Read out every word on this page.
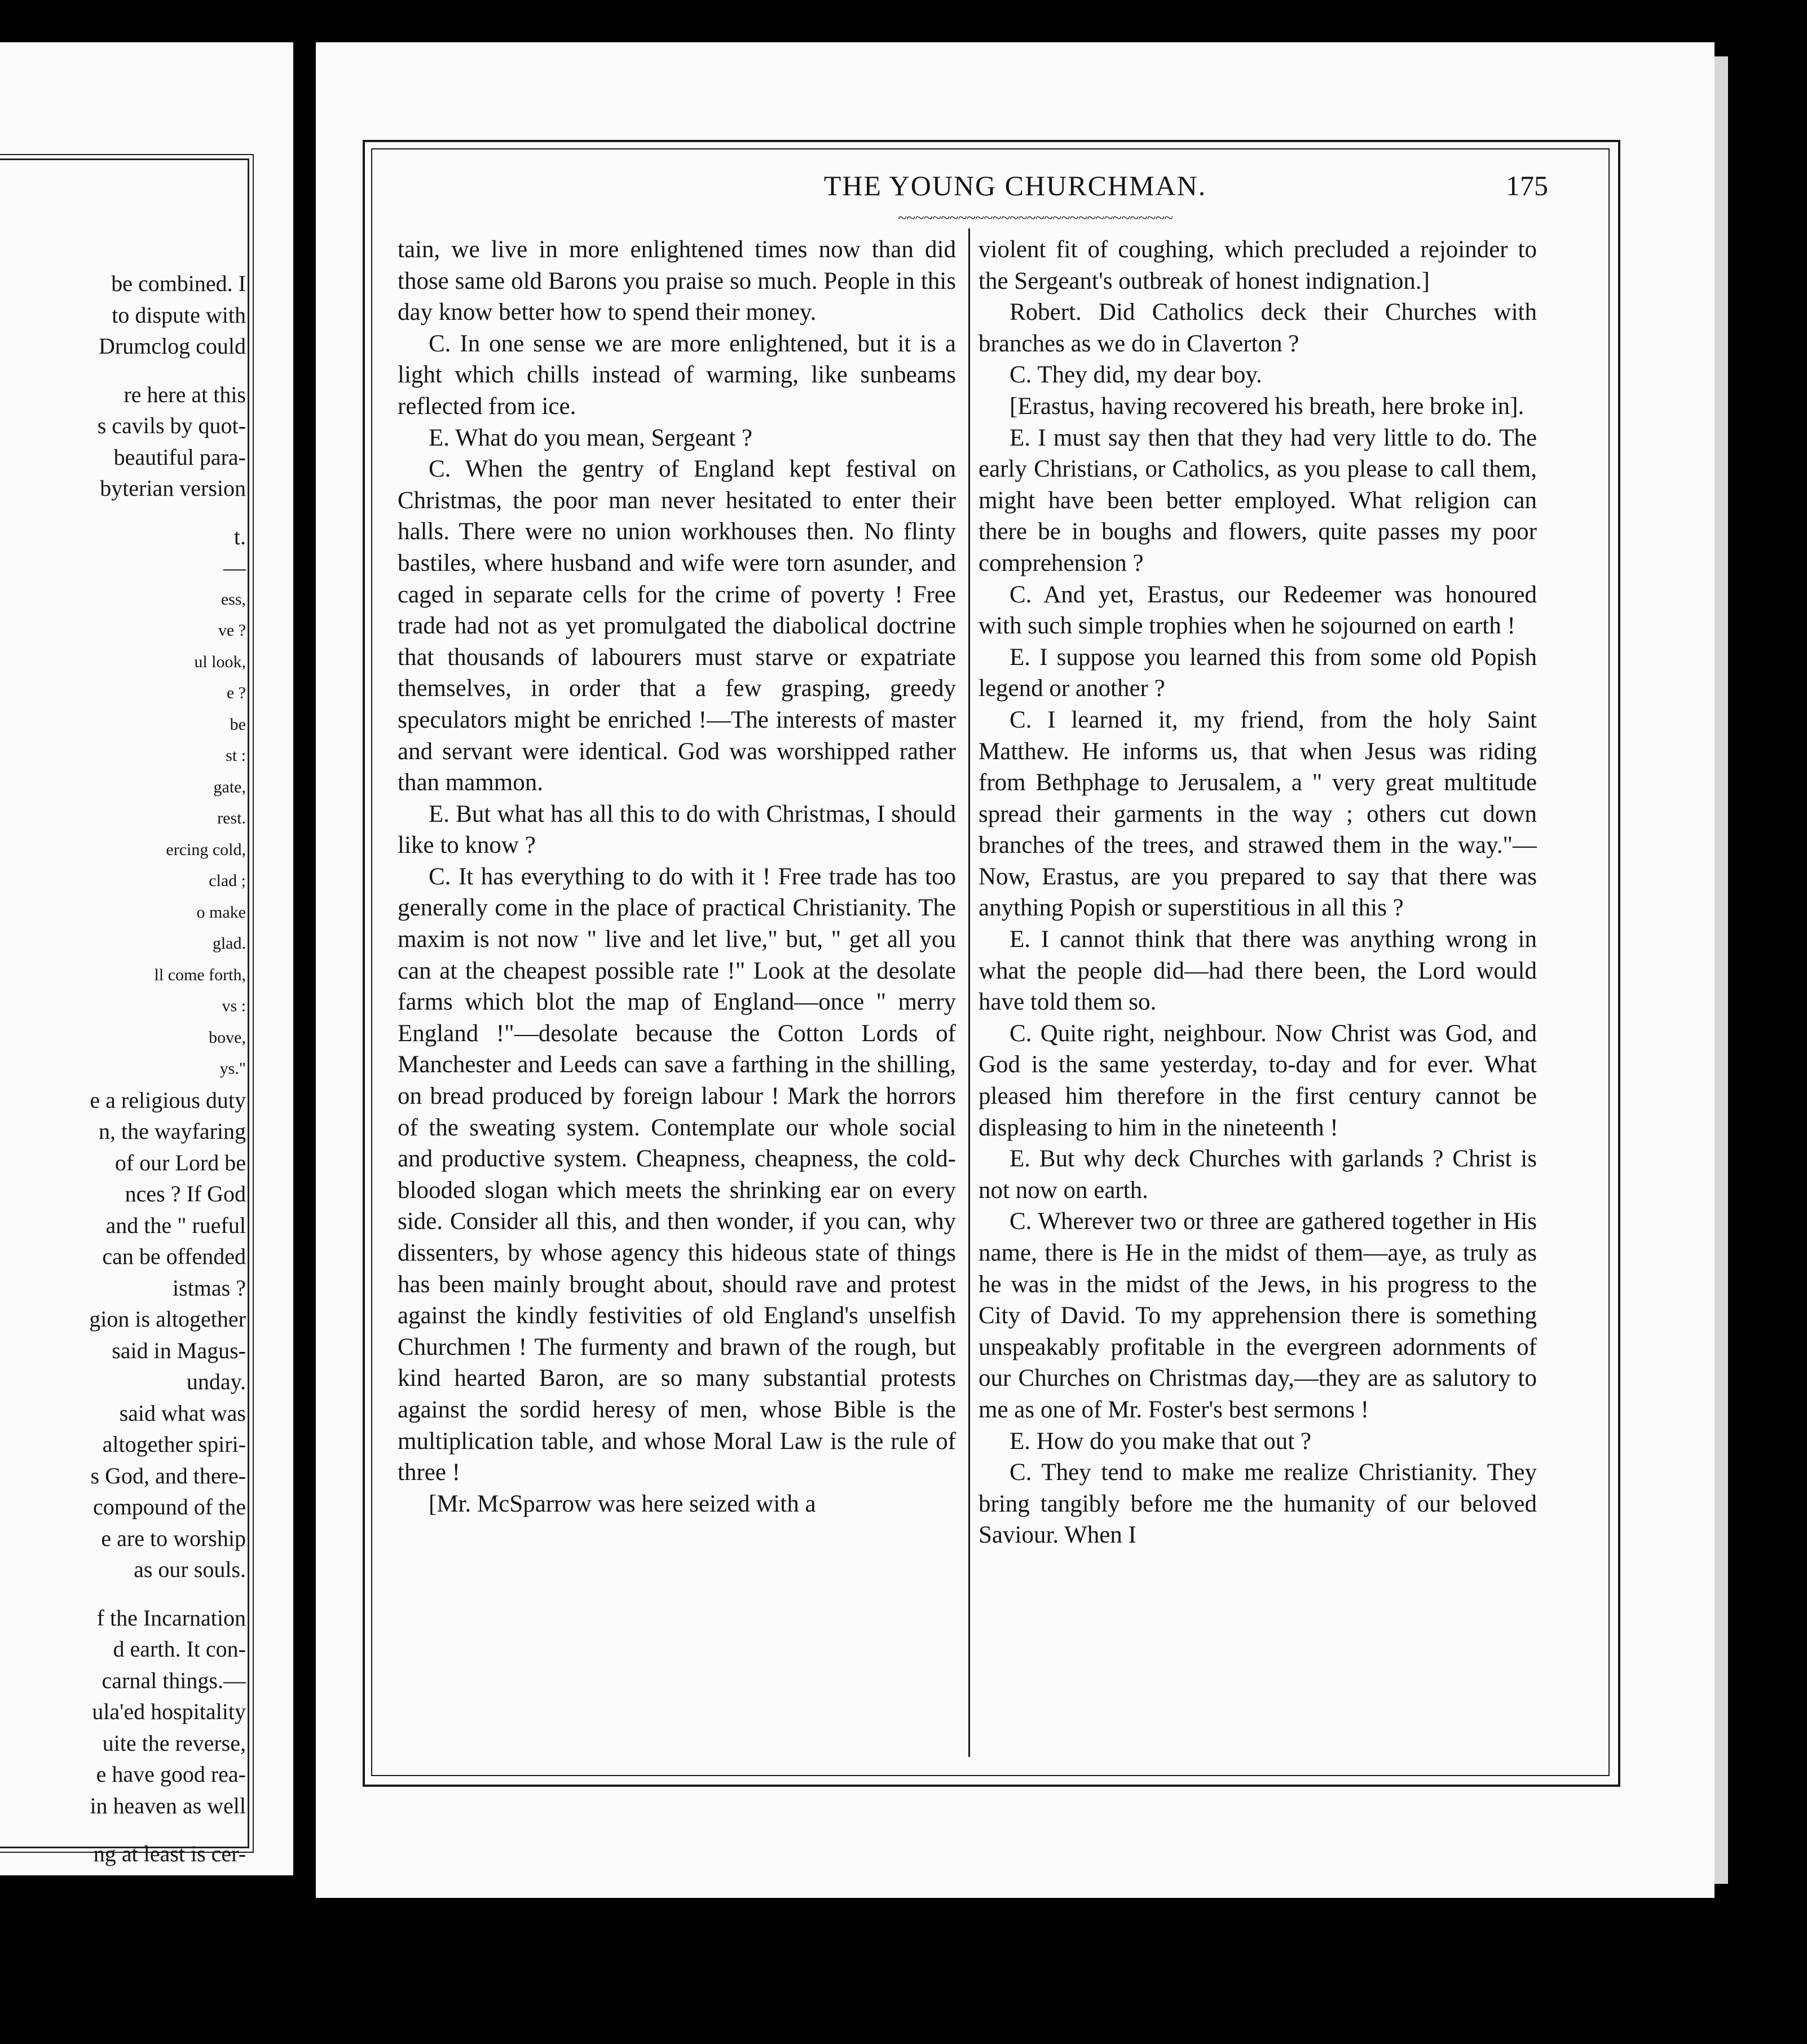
be combined. I
to dispute with
Drumclog could
re here at this
s cavils by quot-
beautiful para-
byterian version
t.
—
ess,
ve ?
ul look,
e ?
be
st :
gate,
rest.
ercing cold,
clad ;
o make
glad.
ll come forth,
vs :
bove,
ys."
e a religious duty
n, the wayfaring
of our Lord be
nces ? If God
and the " rueful
can be offended
istmas ?
gion is altogether
said in Magus-
unday.
said what was
altogether spiri-
s God, and there-
compound of the
e are to worship
as our souls.
f the Incarnation
d earth. It con-
carnal things.—
ula'ed hospitality
uite the reverse,
e have good rea-
in heaven as well
ng at least is cer-
THE YOUNG CHURCHMAN.	175
~~~~~~~~~~~~~~~~~~~~~~~~~~~~~~~~

tain, we live in more enlightened times now than did those same old Barons you praise so much. People in this day know better how to spend their money.

C. In one sense we are more enlightened, but it is a light which chills instead of warming, like sunbeams reflected from ice.

E. What do you mean, Sergeant ?

C. When the gentry of England kept festival on Christmas, the poor man never hesitated to enter their halls. There were no union workhouses then. No flinty bastiles, where husband and wife were torn asunder, and caged in separate cells for the crime of poverty ! Free trade had not as yet promulgated the diabolical doctrine that thousands of labourers must starve or expatriate themselves, in order that a few grasping, greedy speculators might be enriched !—The interests of master and servant were identical. God was worshipped rather than mammon.

E. But what has all this to do with Christmas, I should like to know ?

C. It has everything to do with it ! Free trade has too generally come in the place of practical Christianity. The maxim is not now " live and let live," but, " get all you can at the cheapest possible rate !" Look at the desolate farms which blot the map of England—once " merry England !"—desolate because the Cotton Lords of Manchester and Leeds can save a farthing in the shilling, on bread produced by foreign labour ! Mark the horrors of the sweating system. Contemplate our whole social and productive system. Cheapness, cheapness, the cold-blooded slogan which meets the shrinking ear on every side. Consider all this, and then wonder, if you can, why dissenters, by whose agency this hideous state of things has been mainly brought about, should rave and protest against the kindly festivities of old England's unselfish Churchmen ! The furmenty and brawn of the rough, but kind hearted Baron, are so many substantial protests against the sordid heresy of men, whose Bible is the multiplication table, and whose Moral Law is the rule of three !

[Mr. McSparrow was here seized with a

violent fit of coughing, which precluded a rejoinder to the Sergeant's outbreak of honest indignation.]

Robert. Did Catholics deck their Churches with branches as we do in Claverton ?

C. They did, my dear boy.

[Erastus, having recovered his breath, here broke in].

E. I must say then that they had very little to do. The early Christians, or Catholics, as you please to call them, might have been better employed. What religion can there be in boughs and flowers, quite passes my poor comprehension ?

C. And yet, Erastus, our Redeemer was honoured with such simple trophies when he sojourned on earth !

E. I suppose you learned this from some old Popish legend or another ?

C. I learned it, my friend, from the holy Saint Matthew. He informs us, that when Jesus was riding from Bethphage to Jerusalem, a " very great multitude spread their garments in the way ; others cut down branches of the trees, and strawed them in the way."— Now, Erastus, are you prepared to say that there was anything Popish or superstitious in all this ?

E. I cannot think that there was anything wrong in what the people did—had there been, the Lord would have told them so.

C. Quite right, neighbour. Now Christ was God, and God is the same yesterday, to-day and for ever. What pleased him therefore in the first century cannot be displeasing to him in the nineteenth !

E. But why deck Churches with garlands ? Christ is not now on earth.

C. Wherever two or three are gathered together in His name, there is He in the midst of them—aye, as truly as he was in the midst of the Jews, in his progress to the City of David. To my apprehension there is something unspeakably profitable in the evergreen adornments of our Churches on Christmas day,—they are as salutory to me as one of Mr. Foster's best sermons !

E. How do you make that out ?

C. They tend to make me realize Christianity. They bring tangibly before me the humanity of our beloved Saviour. When I
